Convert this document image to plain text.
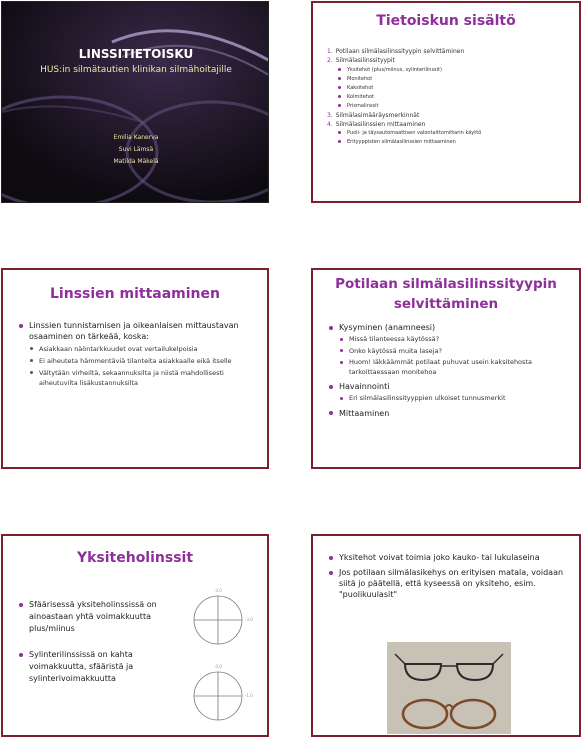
LINSSITIETOISKU
HUS:in silmätautien klinikan silmähoitajille
Emilia Kanerva
Suvi Lämsä
Matilda Mäkelä
Tietoiskun sisältö
1. Potilaan silmälasilinssityypin selvittäminen
2. Silmälasilinssityypit
Yksitehot (plus/miinus, sylinterilinssit)
Monitehot
Kaksitehot
Kolmitehot
Prismalinssit
3. Silmälasimääräysmerkinnät
4. Silmälasilinssien mittaaminen
Puoli- ja täysautomaattisen valontaittomittarin käyttö
Erityyppisten silmälasilinssien mittaaminen
Linssien mittaaminen
Linssien tunnistamisen ja oikeanlaisen mittaustavan osaaminen on tärkeää, koska:
Asiakkaan näöntarkkuudet ovat vertailukelpoisia
Ei aiheuteta hämmentäviä tilanteita asiakkaalle eikä itselle
Vältytään virheiltä, sekaannuksilta ja niistä mahdollisesti aiheutuvilta lisäkustannuksilta
Potilaan silmälasilinssityypin selvittäminen
Kysyminen (anamneesi)
Missä tilanteessa käytössä?
Onko käytössä muita laseja?
Huom! Iäkkäämmät potilaat puhuvat usein kaksitehosta tarkoittaessaan monitehoa
Havainnointi
Eri silmälasilinssityyppien ulkoiset tunnusmerkit
Mittaaminen
Yksiteholinssit
Sfäärisessä yksiteholinssissä on ainoastaan yhtä voimakkuutta plus/miinus
Sylinterilinssissä on kahta voimakkuutta, sfääristä ja sylinterivoimakkuutta
-3.0
-3.0
-3.0
-1.0
Yksitehot voivat toimia joko kauko- tai lukulaseina
Jos potilaan silmälasikehys on erityisen matala, voidaan siitä jo päätellä, että kyseessä on yksiteho, esim. "puolikuulasit"
